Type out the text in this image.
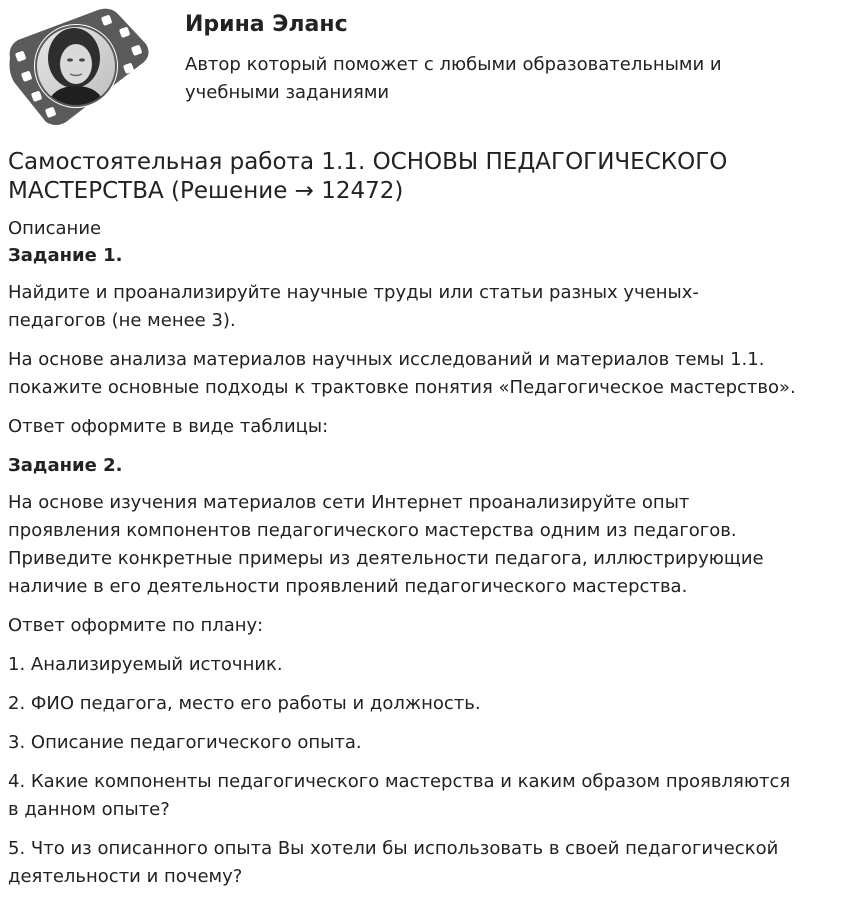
Ирина Эланс
Автор который поможет с любыми образовательными и
учебными заданиями
Самостоятельная работа 1.1. ОСНОВЫ ПЕДАГОГИЧЕСКОГО
МАСТЕРСТВА (Решение → 12472)
Описание
Задание 1.

Найдите и проанализируйте научные труды или статьи разных ученых-
педагогов (не менее 3).

На основе анализа материалов научных исследований и материалов темы 1.1.
покажите основные подходы к трактовке понятия «Педагогическое мастерство».

Ответ оформите в виде таблицы:

Задание 2.

На основе изучения материалов сети Интернет проанализируйте опыт
проявления компонентов педагогического мастерства одним из педагогов.
Приведите конкретные примеры из деятельности педагога, иллюстрирующие
наличие в его деятельности проявлений педагогического мастерства.

Ответ оформите по плану:

1. Анализируемый источник.

2. ФИО педагога, место его работы и должность.

3. Описание педагогического опыта.

4. Какие компоненты педагогического мастерства и каким образом проявляются
в данном опыте?

5. Что из описанного опыта Вы хотели бы использовать в своей педагогической
деятельности и почему?
